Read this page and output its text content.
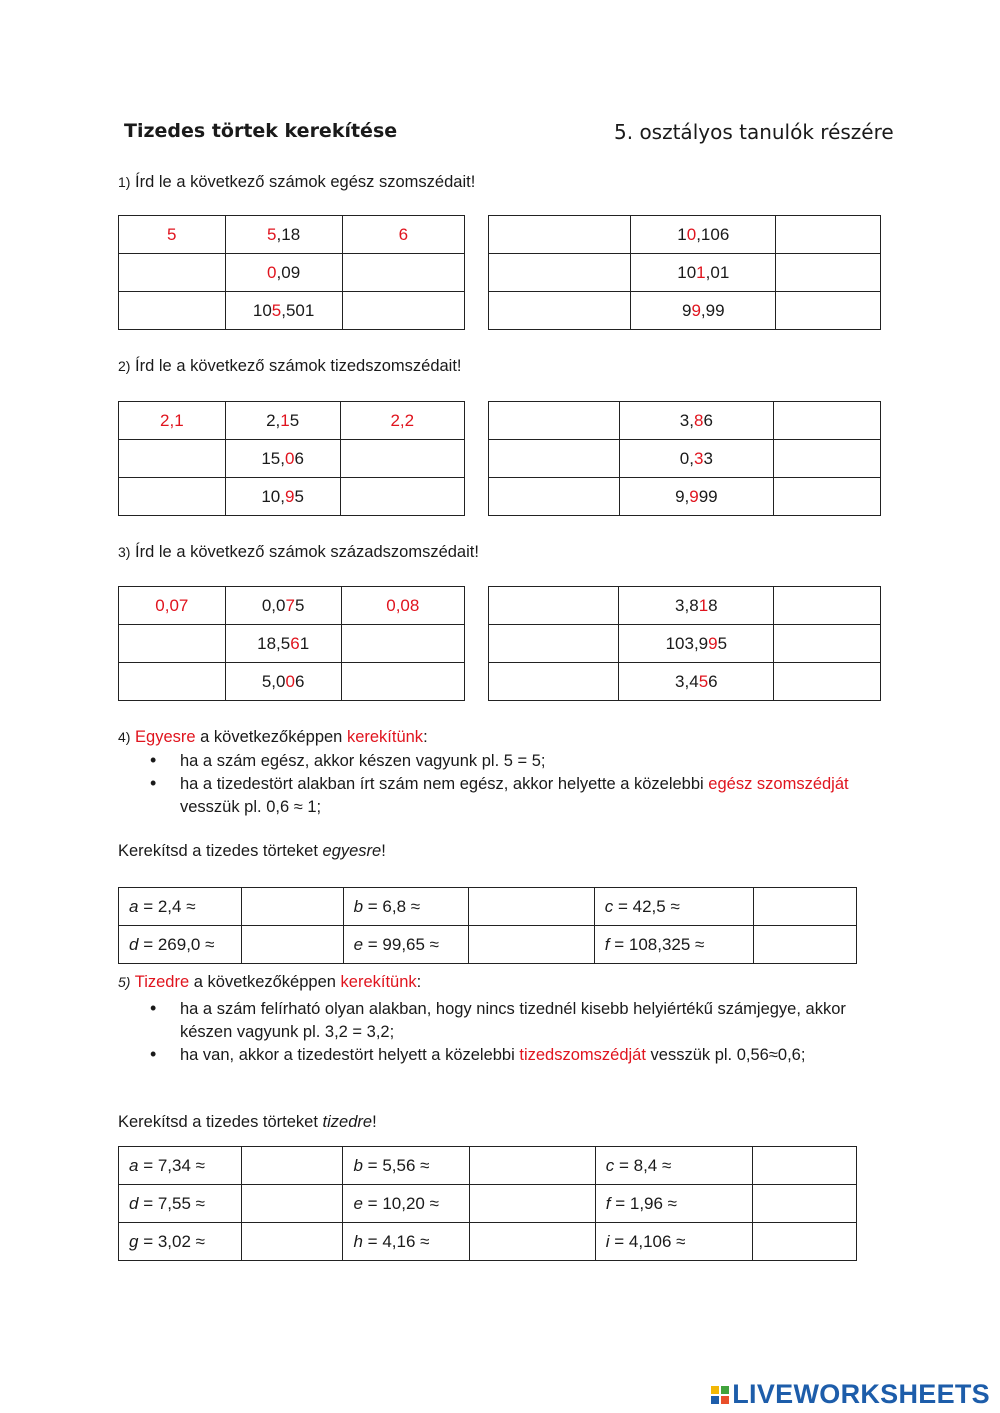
Tizedes törtek kerekítése	5. osztályos tanulók részére
1) Írd le a következő számok egész szomszédait!
5	5,18	6
	0,09	
	105,501	
	10,106	
	101,01	
	99,99	
2) Írd le a következő számok tizedszomszédait!
2,1	2,15	2,2
	15,06	
	10,95	
	3,86	
	0,33	
	9,999	
3) Írd le a következő számok századszomszédait!
0,07	0,075	0,08
	18,561	
	5,006	
	3,818	
	103,995	
	3,456	
4) Egyesre a következőképpen kerekítünk:
• ha a szám egész, akkor készen vagyunk pl. 5 = 5;
• ha a tizedestört alakban írt szám nem egész, akkor helyette a közelebbi egész szomszédját vesszük pl. 0,6 ≈ 1;
Kerekítsd a tizedes törteket egyesre!
a = 2,4 ≈		b = 6,8 ≈		c = 42,5 ≈	
d = 269,0 ≈		e = 99,65 ≈		f = 108,325 ≈	
5) Tizedre a következőképpen kerekítünk:
• ha a szám felírható olyan alakban, hogy nincs tizednél kisebb helyiértékű számjegye, akkor készen vagyunk pl. 3,2 = 3,2;
• ha van, akkor a tizedestört helyett a közelebbi tizedszomszédját vesszük pl. 0,56≈0,6;
Kerekítsd a tizedes törteket tizedre!
a = 7,34 ≈		b = 5,56 ≈		c = 8,4 ≈	
d = 7,55 ≈		e = 10,20 ≈		f = 1,96 ≈	
g = 3,02 ≈		h = 4,16 ≈		i = 4,106 ≈	
LIVEWORKSHEETS
